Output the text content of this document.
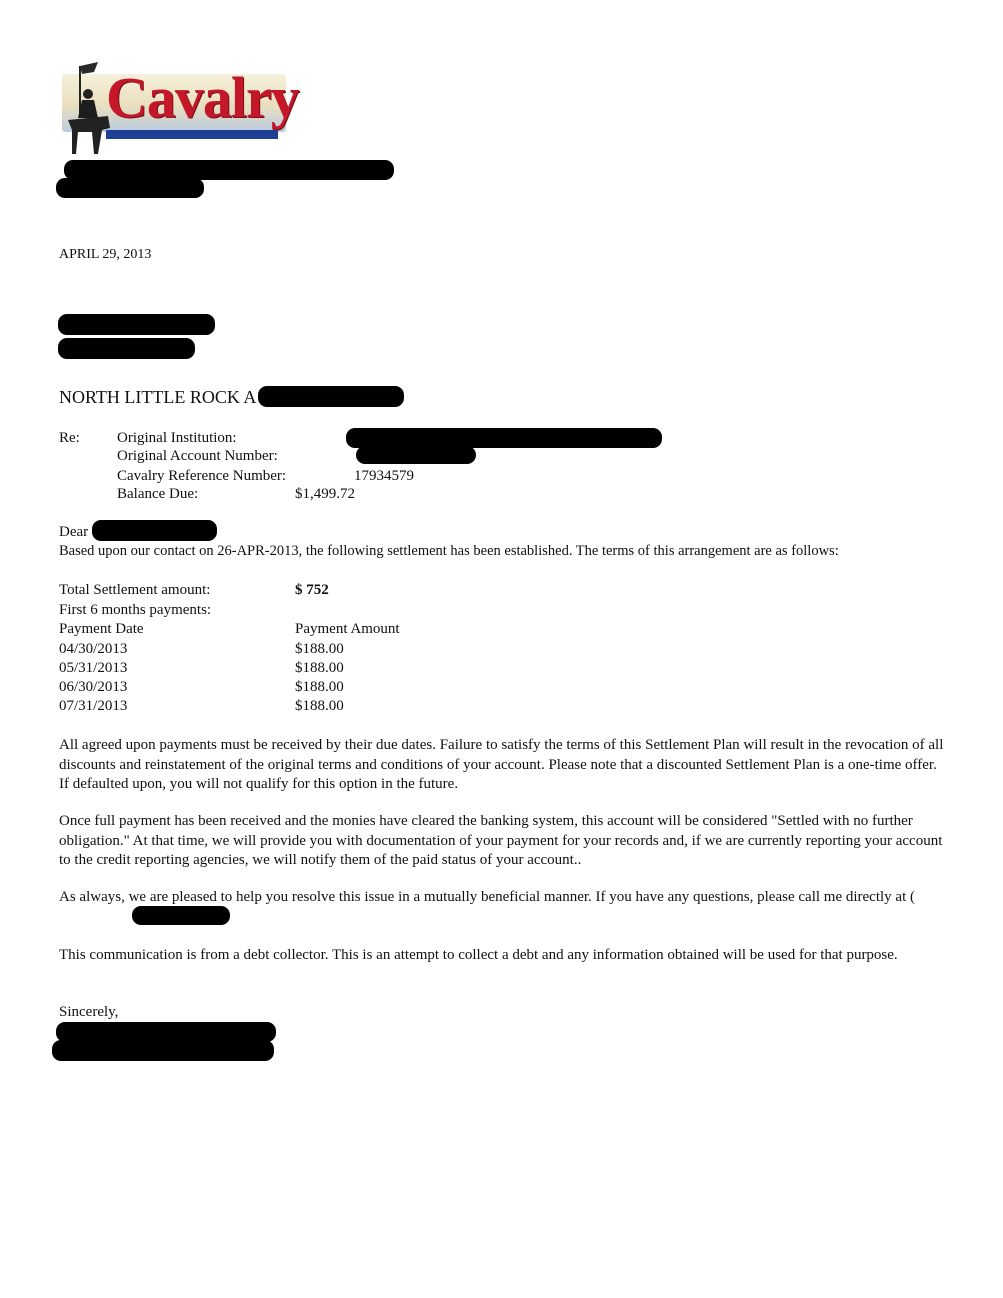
Cavalry
APRIL 29, 2013
NORTH LITTLE ROCK A
Re: Original Institution:
Original Account Number:
Cavalry Reference Number:	17934579
Balance Due:	$1,499.72
Dear
Based upon our contact on 26-APR-2013, the following settlement has been established. The terms of this arrangement are as follows:
Total Settlement amount:	$ 752
First 6 months payments:
Payment Date	Payment Amount
04/30/2013	$188.00
05/31/2013	$188.00
06/30/2013	$188.00
07/31/2013	$188.00
All agreed upon payments must be received by their due dates. Failure to satisfy the terms of this Settlement Plan will result in the revocation of all discounts and reinstatement of the original terms and conditions of your account. Please note that a discounted Settlement Plan is a one-time offer. If defaulted upon, you will not qualify for this option in the future.
Once full payment has been received and the monies have cleared the banking system, this account will be considered "Settled with no further obligation." At that time, we will provide you with documentation of your payment for your records and, if we are currently reporting your account to the credit reporting agencies, we will notify them of the paid status of your account..
As always, we are pleased to help you resolve this issue in a mutually beneficial manner. If you have any questions, please call me directly at (
This communication is from a debt collector. This is an attempt to collect a debt and any information obtained will be used for that purpose.
Sincerely,
